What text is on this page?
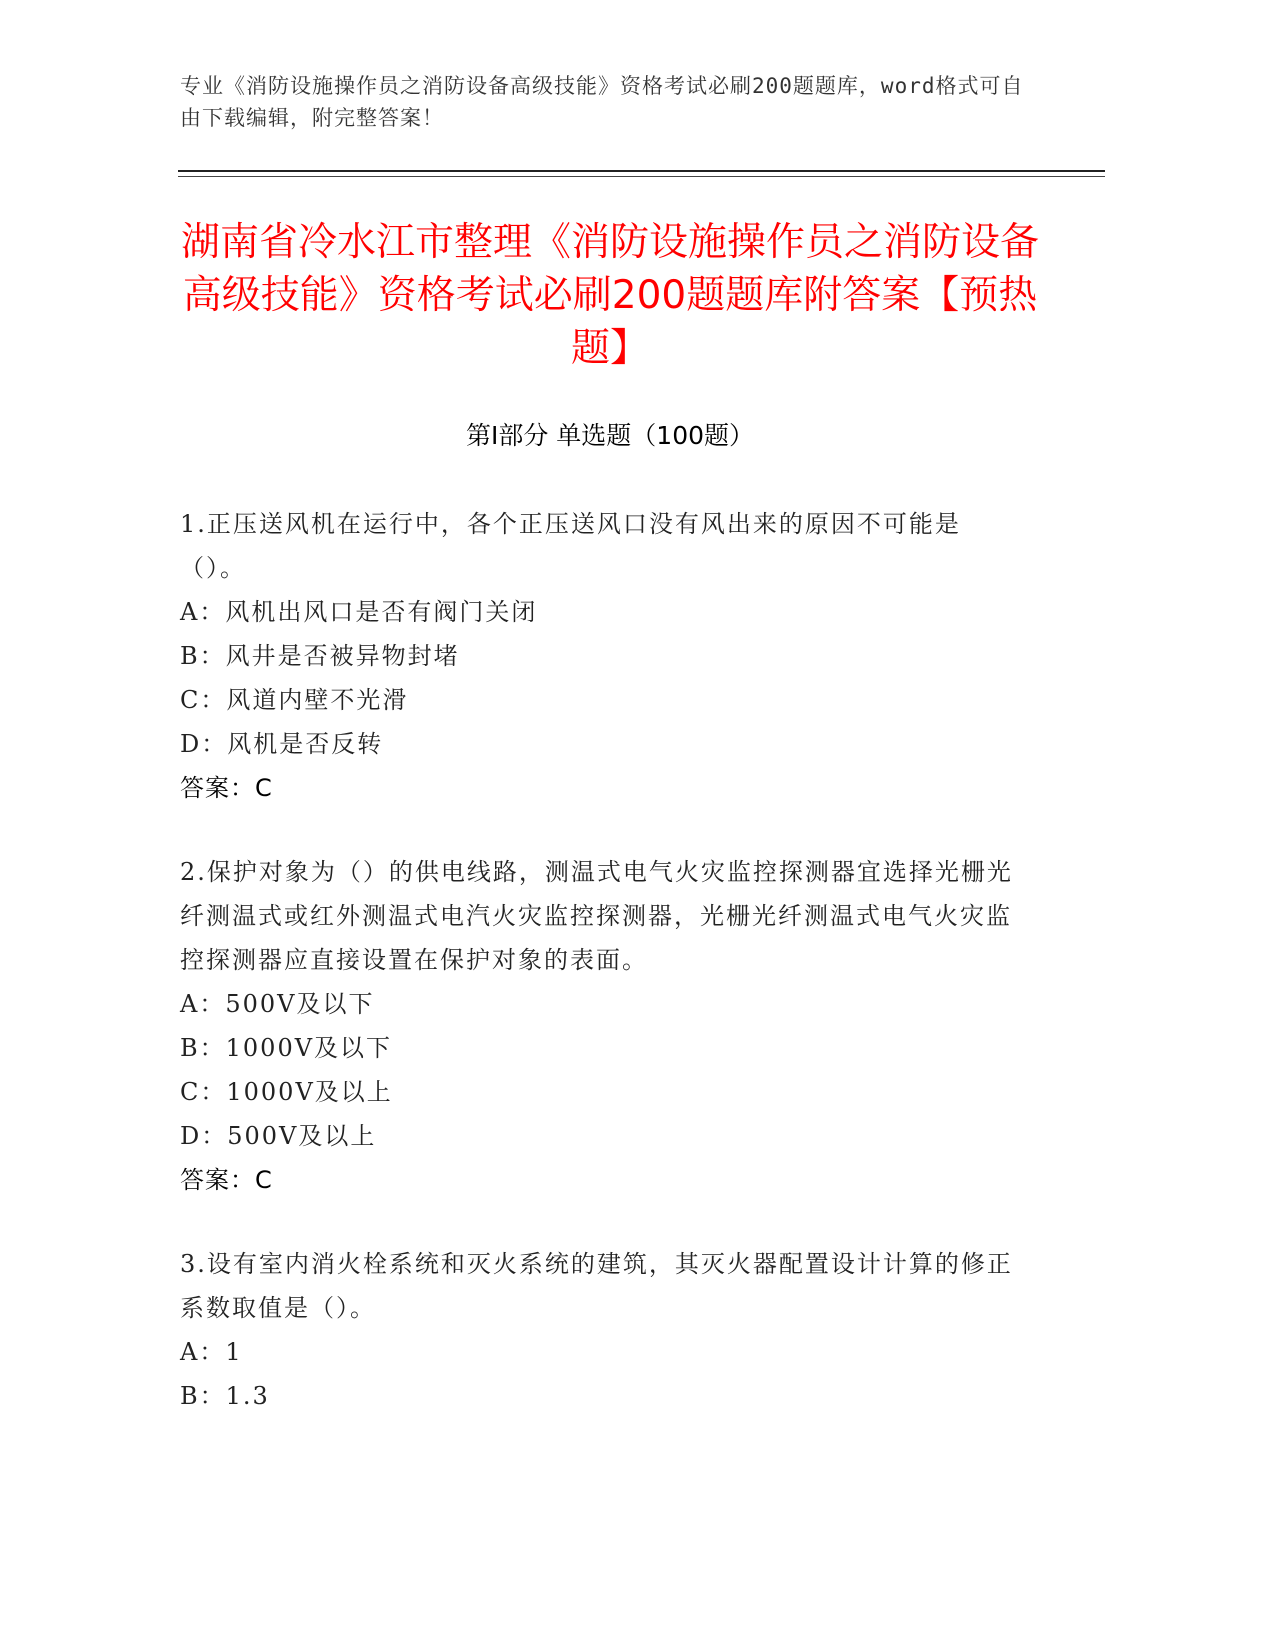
专业《消防设施操作员之消防设备高级技能》资格考试必刷200题题库，word格式可自由下载编辑，附完整答案！
湖南省冷水江市整理《消防设施操作员之消防设备高级技能》资格考试必刷200题题库附答案【预热题】
第I部分 单选题（100题）
1.正压送风机在运行中，各个正压送风口没有风出来的原因不可能是（）。
A：风机出风口是否有阀门关闭
B：风井是否被异物封堵
C：风道内壁不光滑
D：风机是否反转
答案：C
2.保护对象为（）的供电线路，测温式电气火灾监控探测器宜选择光栅光纤测温式或红外测温式电汽火灾监控探测器，光栅光纤测温式电气火灾监控探测器应直接设置在保护对象的表面。
A：500V及以下
B：1000V及以下
C：1000V及以上
D：500V及以上
答案：C
3.设有室内消火栓系统和灭火系统的建筑，其灭火器配置设计计算的修正系数取值是（）。
A：1
B：1.3
